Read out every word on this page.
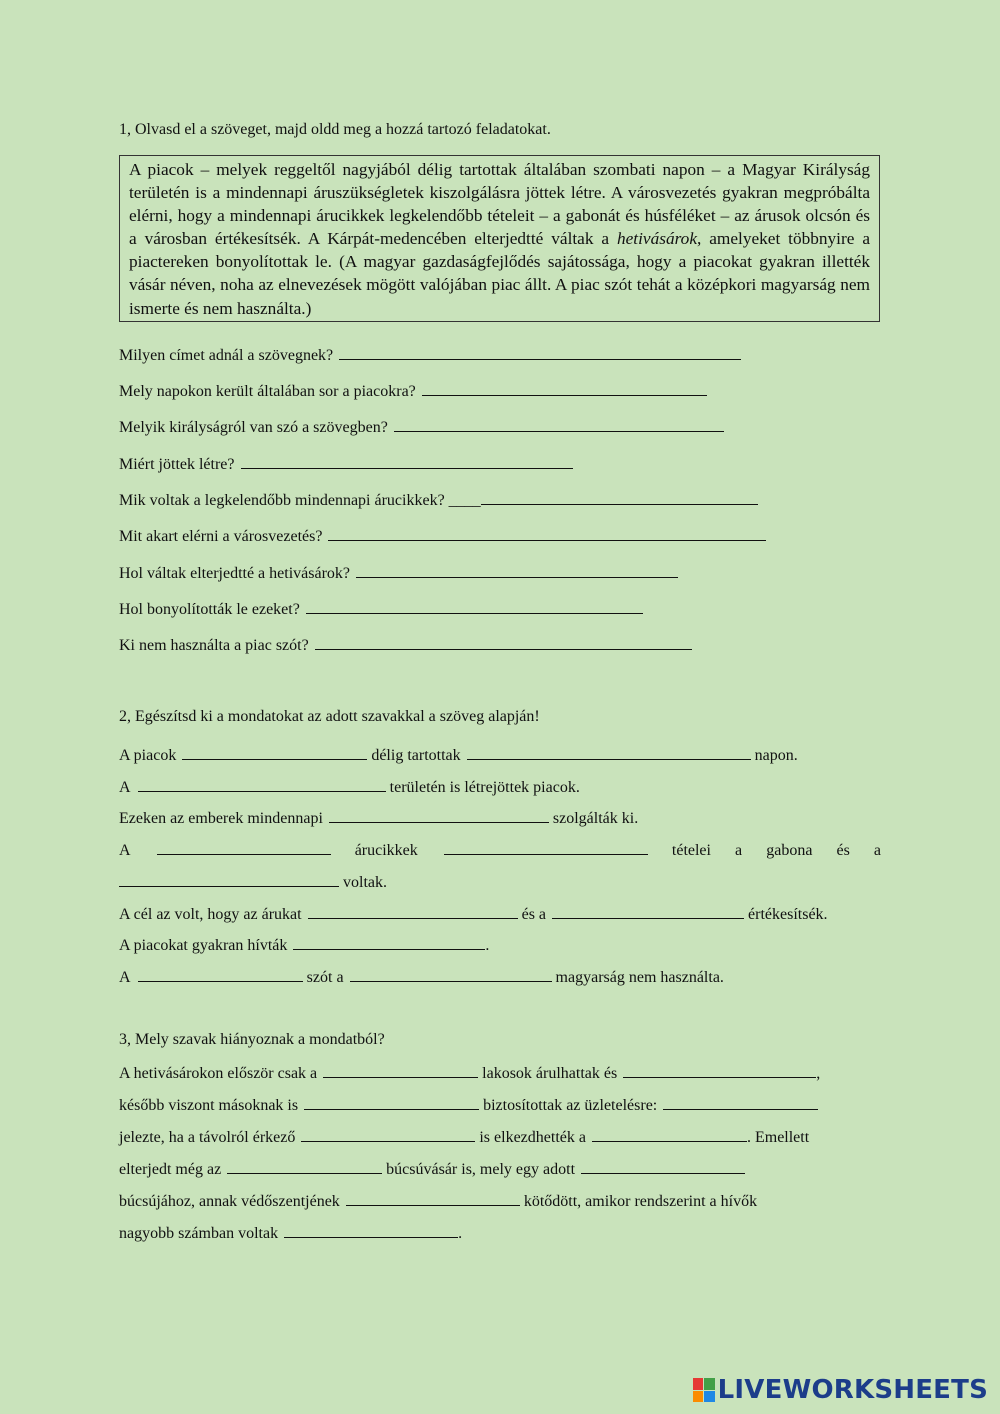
1, Olvasd el a szöveget, majd oldd meg a hozzá tartozó feladatokat.
A piacok – melyek reggeltől nagyjából délig tartottak általában szombati napon – a Magyar Királyság területén is a mindennapi áruszükségletek kiszolgálásra jöttek létre. A városvezetés gyakran megpróbálta elérni, hogy a mindennapi árucikkek legkelendőbb tételeit – a gabonát és húsféléket – az árusok olcsón és a városban értékesítsék. A Kárpát-medencében elterjedtté váltak a hetivásárok, amelyeket többnyire a piactereken bonyolítottak le. (A magyar gazdaságfejlődés sajátossága, hogy a piacokat gyakran illették vásár néven, noha az elnevezések mögött valójában piac állt. A piac szót tehát a középkori magyarság nem ismerte és nem használta.)
Milyen címet adnál a szövegnek?
Mely napokon került általában sor a piacokra?
Melyik királyságról van szó a szövegben?
Miért jöttek létre?
Mik voltak a legkelendőbb mindennapi árucikkek? ____
Mit akart elérni a városvezetés?
Hol váltak elterjedtté a hetivásárok?
Hol bonyolították le ezeket?
Ki nem használta a piac szót?
2, Egészítsd ki a mondatokat az adott szavakkal a szöveg alapján!
A piacok	délig tartottak	napon.
A	területén is létrejöttek piacok.
Ezeken az emberek mindennapi	szolgálták ki.
A	árucikkek	tételei a gabona és a
voltak.
A cél az volt, hogy az árukat	és a	értékesítsék.
A piacokat gyakran hívták	.
A	szót a	magyarság nem használta.
3, Mely szavak hiányoznak a mondatból?
A hetivásárokon először csak a	lakosok árulhattak és	,
később viszont másoknak is	biztosítottak az üzletelésre:
jelezte, ha a távolról érkező	is elkezdhették a	. Emellett
elterjedt még az	búcsúvásár is, mely egy adott
búcsújához, annak védőszentjének	kötődött, amikor rendszerint a hívők
nagyobb számban voltak	.
LIVEWORKSHEETS
